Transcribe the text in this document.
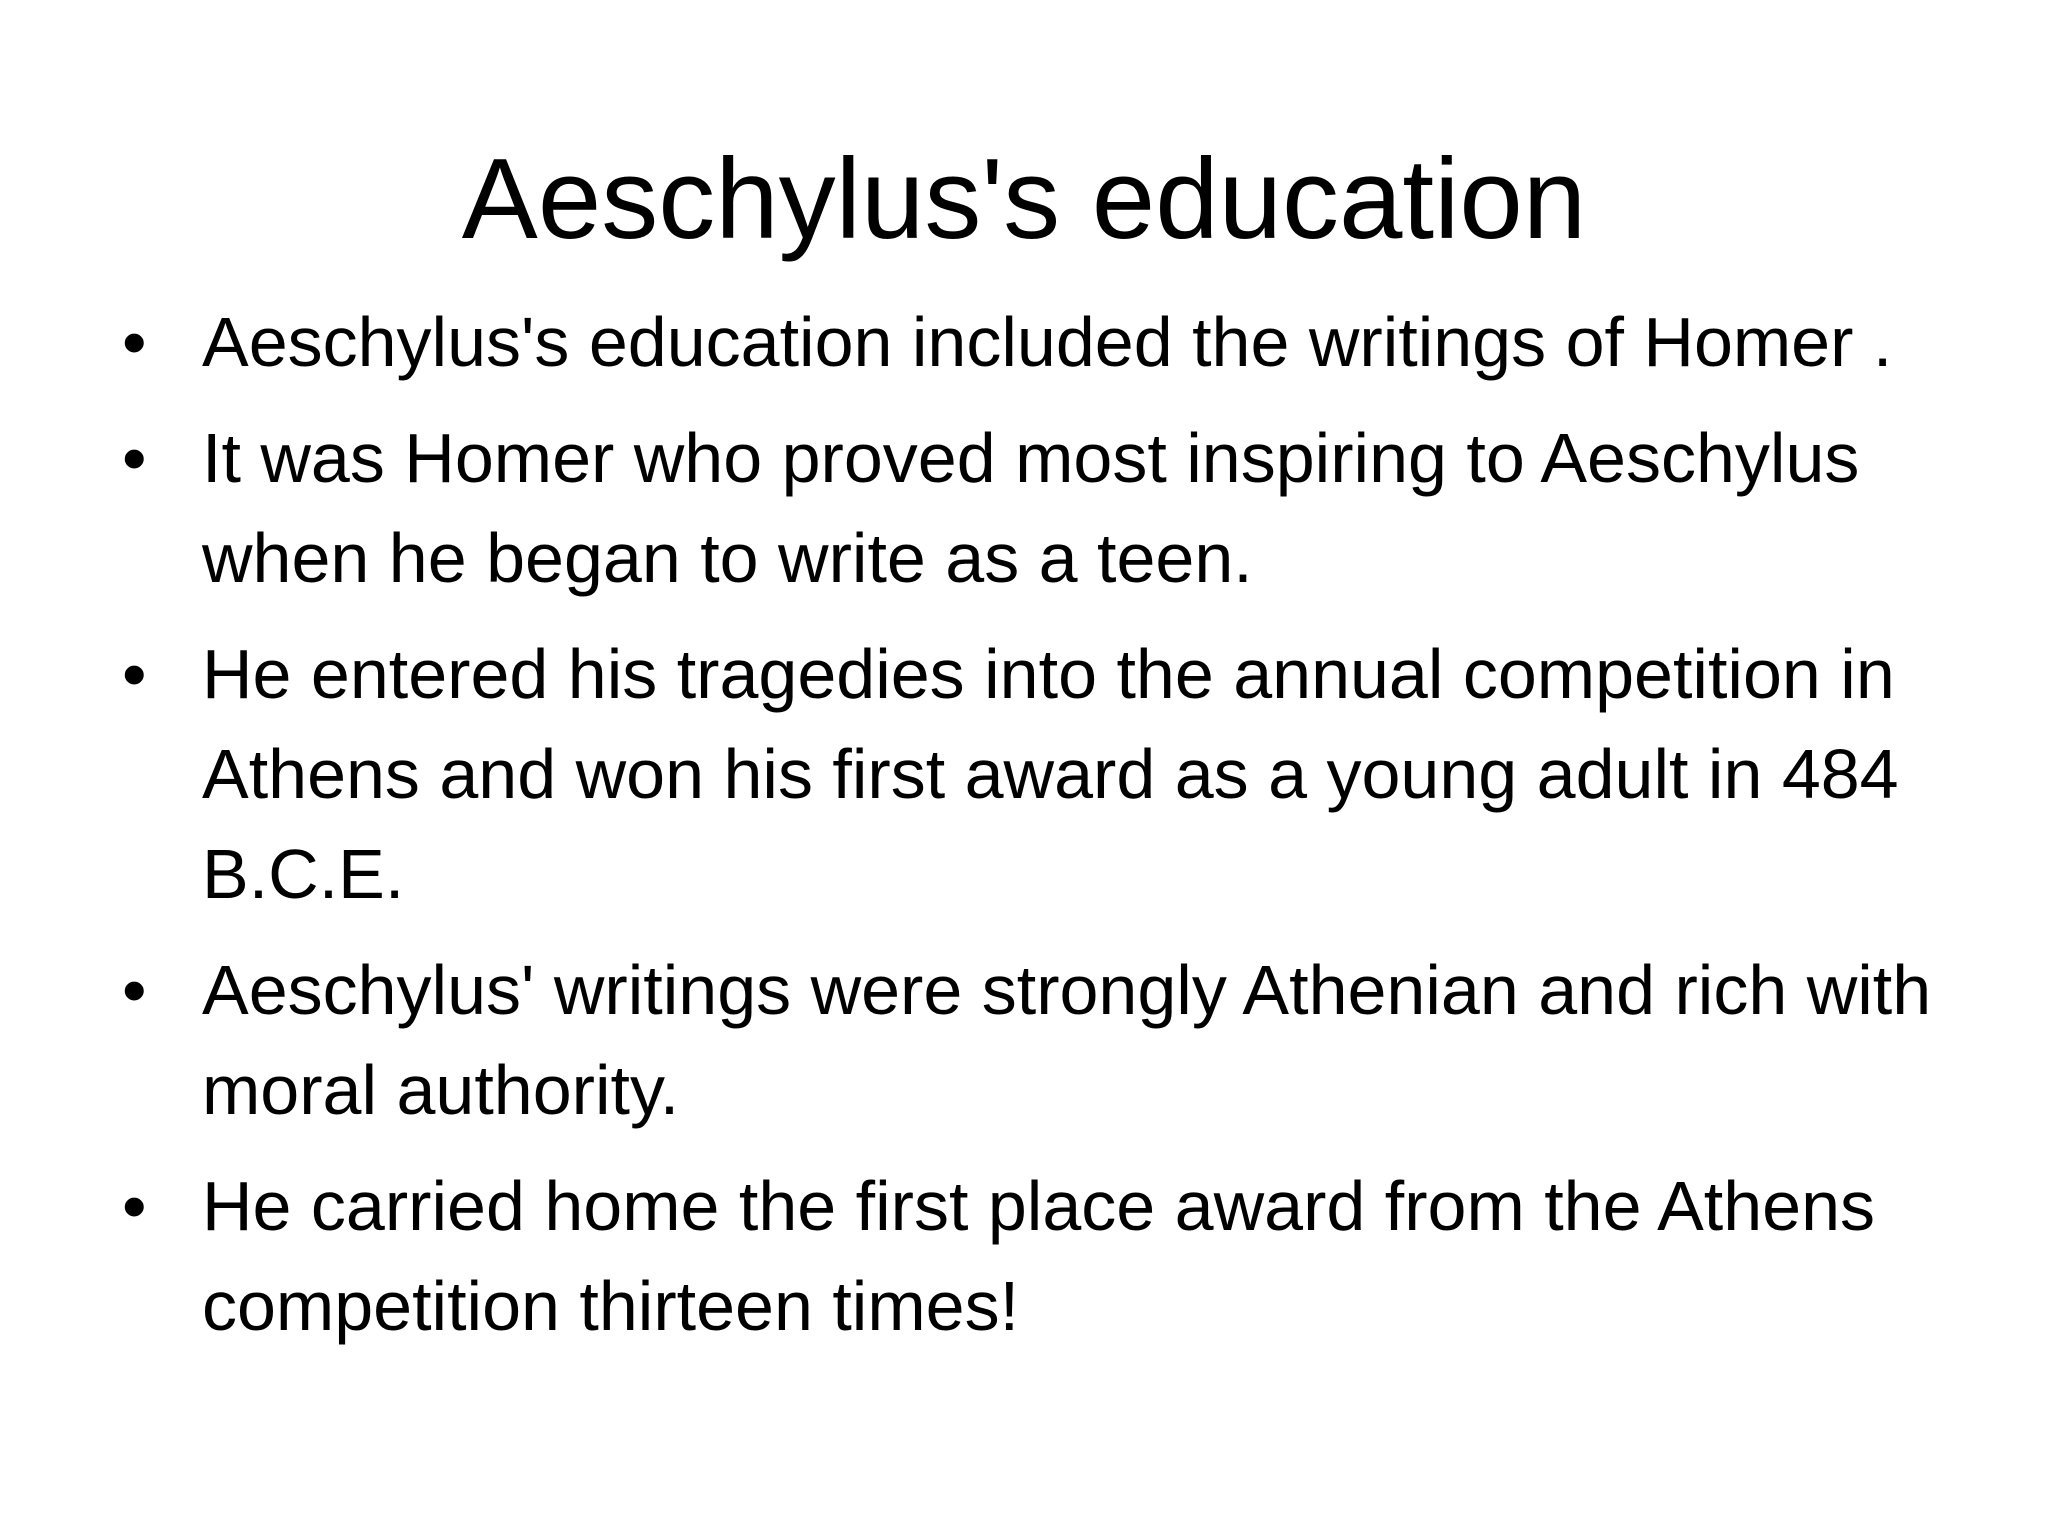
Aeschylus's education
• Aeschylus's education included the writings of Homer .
• It was Homer who proved most inspiring to Aeschylus when he began to write as a teen.
• He entered his tragedies into the annual competition in Athens and won his first award as a young adult in 484 B.C.E.
• Aeschylus' writings were strongly Athenian and rich with moral authority.
• He carried home the first place award from the Athens competition thirteen times!
